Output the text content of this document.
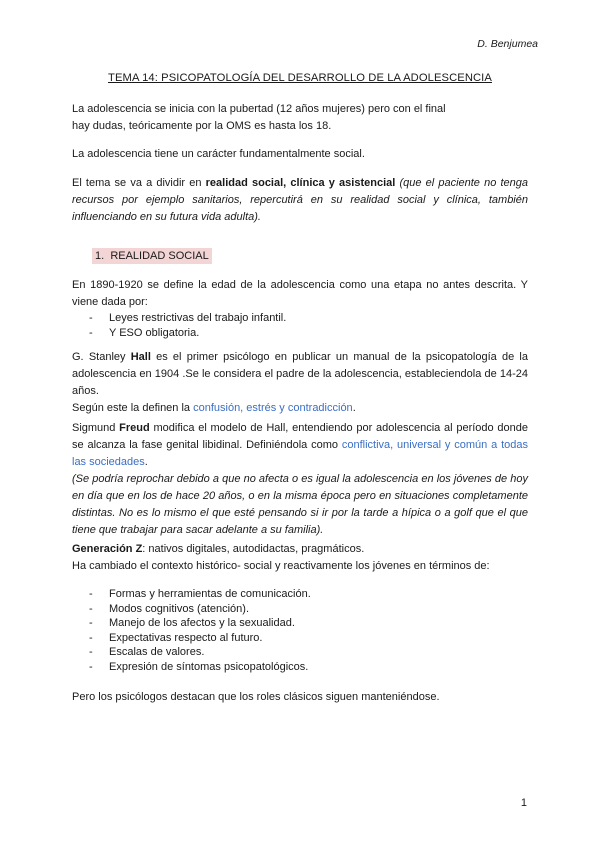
D. Benjumea
TEMA 14: PSICOPATOLOGÍA DEL DESARROLLO DE LA ADOLESCENCIA
La adolescencia se inicia con la pubertad (12 años mujeres) pero con el final
hay dudas, teóricamente por la OMS es hasta los 18.
La adolescencia tiene un carácter fundamentalmente social.
El tema se va a dividir en realidad social, clínica y asistencial (que el paciente no tenga recursos por ejemplo sanitarios, repercutirá en su realidad social y clínica, también influenciando en su futura vida adulta).
1. REALIDAD SOCIAL
En 1890-1920 se define la edad de la adolescencia como una etapa no antes descrita. Y viene dada por:
- Leyes restrictivas del trabajo infantil.
- Y ESO obligatoria.
G. Stanley Hall es el primer psicólogo en publicar un manual de la psicopatología de la adolescencia en 1904 .Se le considera el padre de la adolescencia, estableciendola de 14-24 años.
Según este la definen la confusión, estrés y contradicción.
Sigmund Freud modifica el modelo de Hall, entendiendo por adolescencia al período donde se alcanza la fase genital libidinal. Definiéndola como conflictiva, universal y común a todas las sociedades.
(Se podría reprochar debido a que no afecta o es igual la adolescencia en los jóvenes de hoy en día que en los de hace 20 años, o en la misma época pero en situaciones completamente distintas. No es lo mismo el que esté pensando si ir por la tarde a hípica o a golf que el que tiene que trabajar para sacar adelante a su familia).
Generación Z: nativos digitales, autodidactas, pragmáticos.
Ha cambiado el contexto histórico- social y reactivamente los jóvenes en términos de:
- Formas y herramientas de comunicación.
- Modos cognitivos (atención).
- Manejo de los afectos y la sexualidad.
- Expectativas respecto al futuro.
- Escalas de valores.
- Expresión de síntomas psicopatológicos.
Pero los psicólogos destacan que los roles clásicos siguen manteniéndose.
1
